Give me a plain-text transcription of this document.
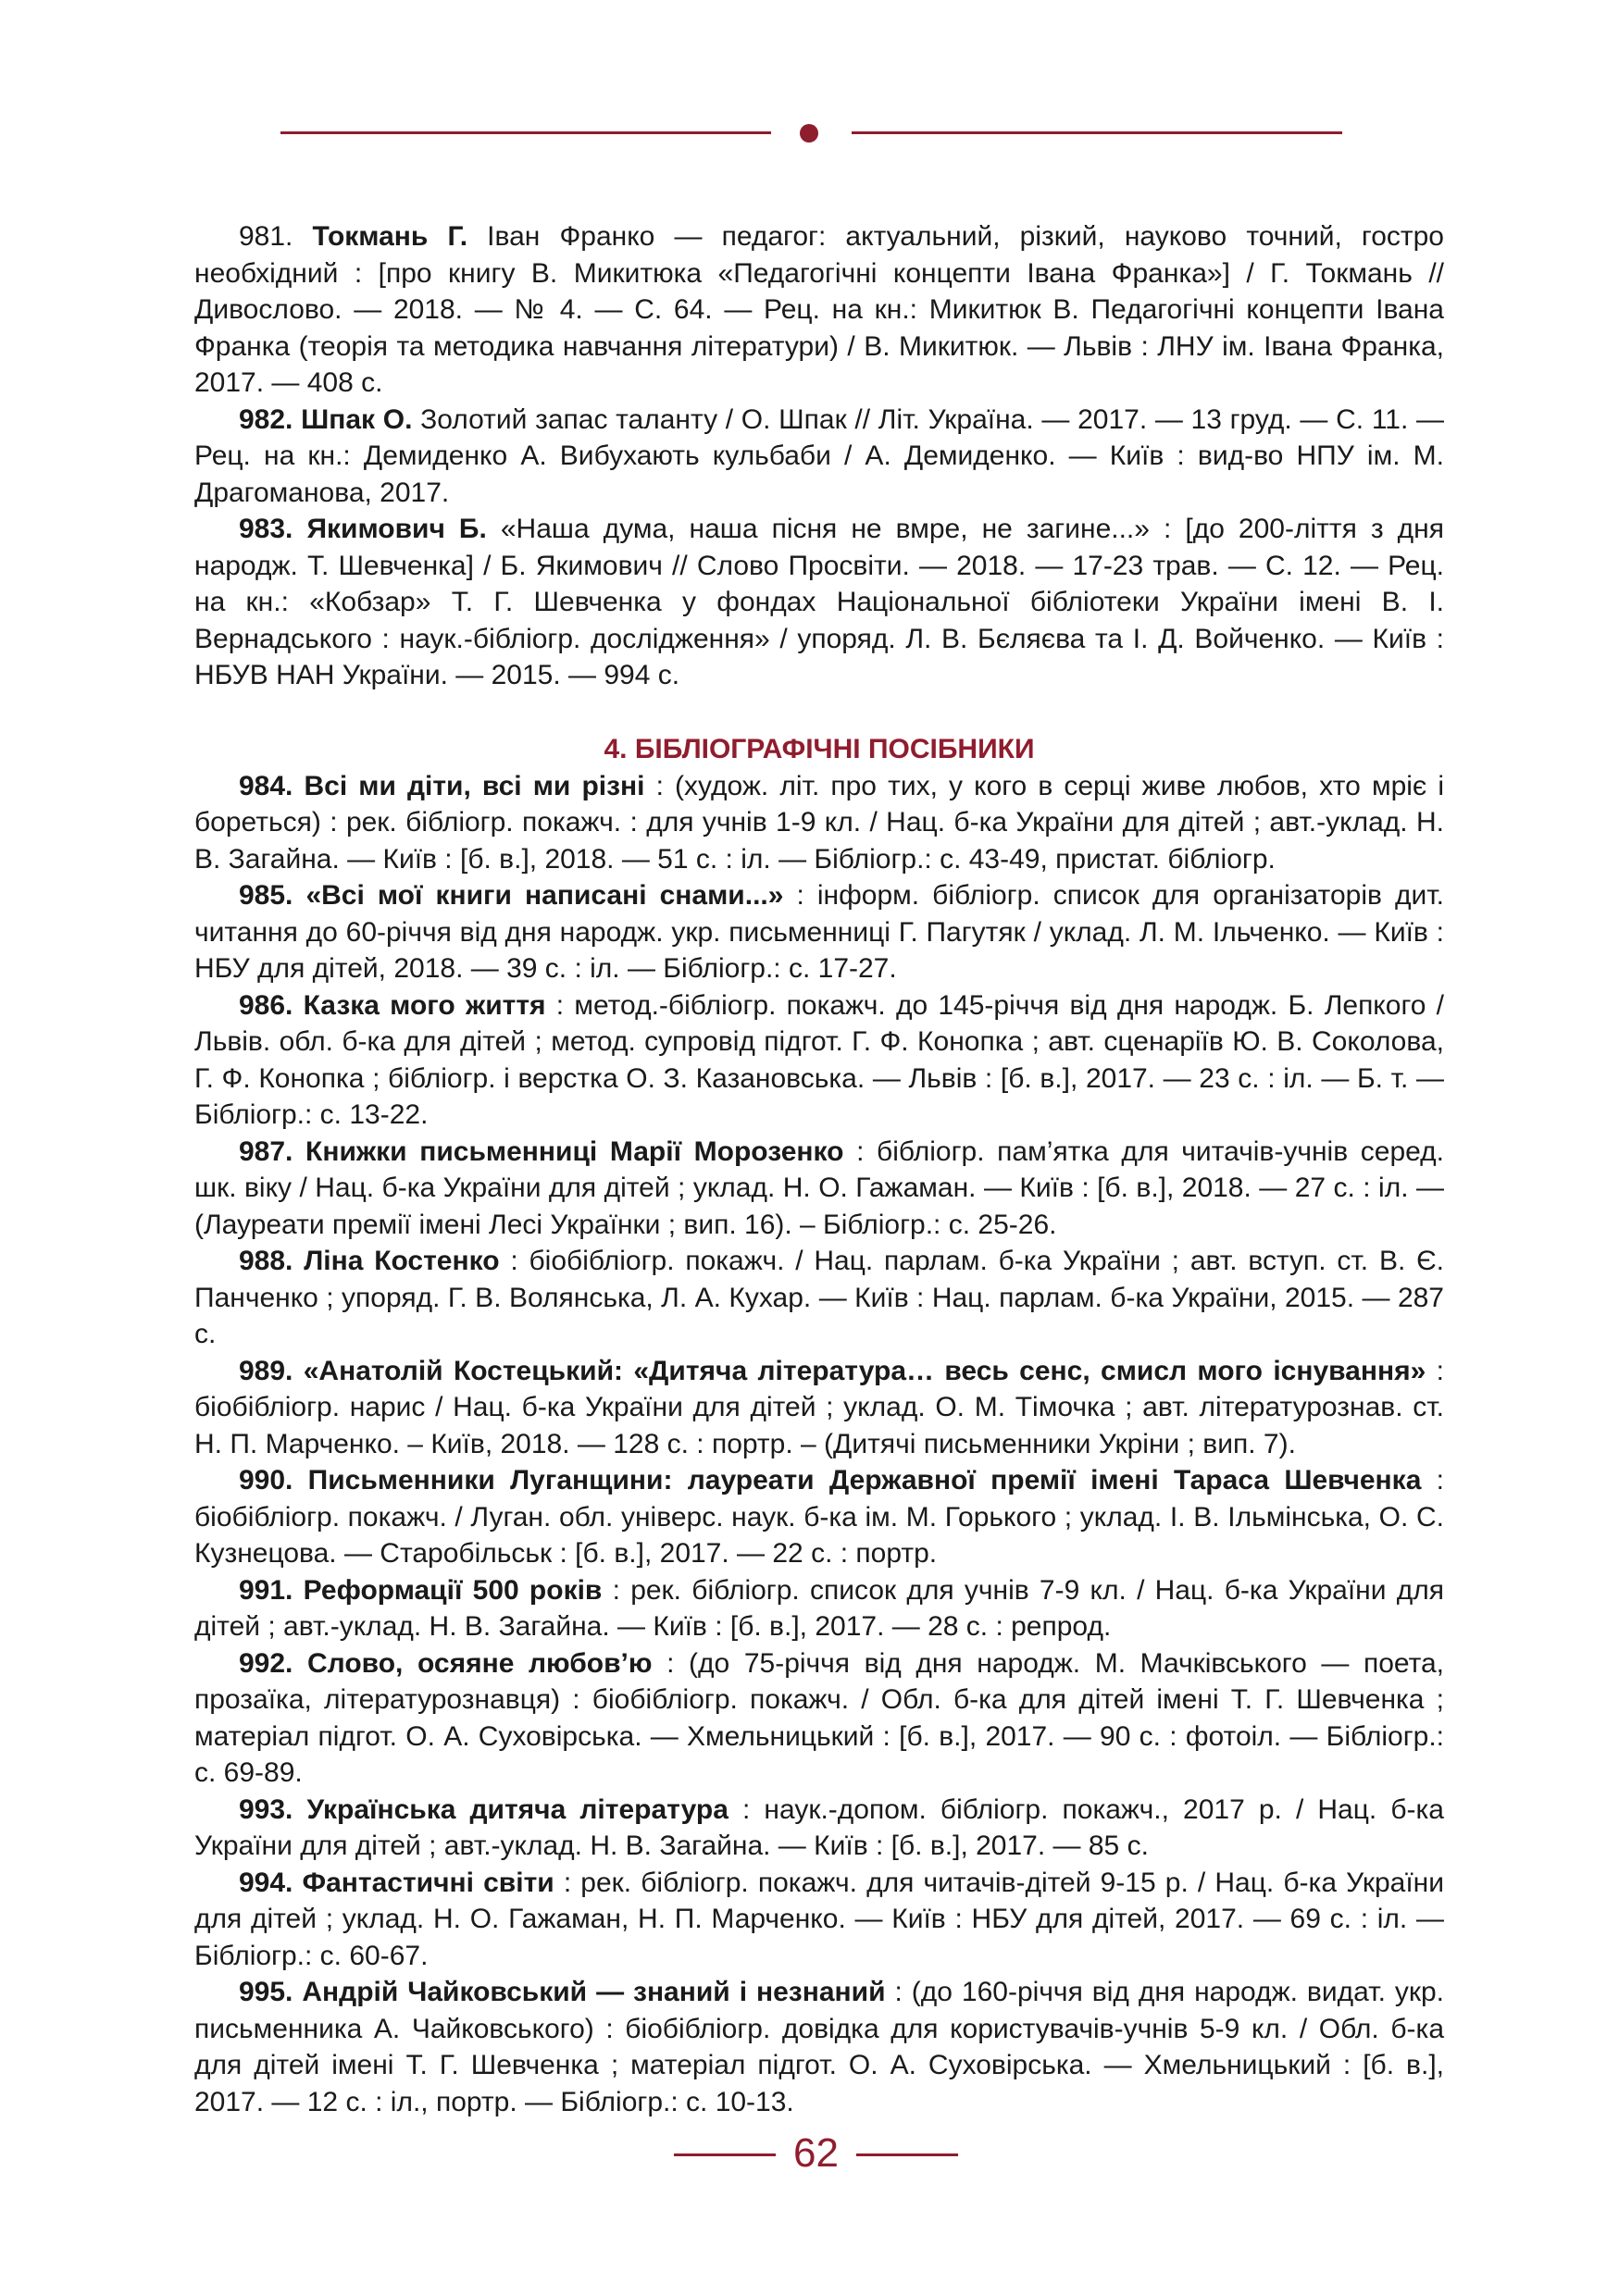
981. Токмань Г. Іван Франко — педагог: актуальний, різкий, науково точний, гостро необхідний : [про книгу В. Микитюка «Педагогічні концепти Івана Франка»] / Г. Токмань // Дивослово. — 2018. — № 4. — С. 64. — Рец. на кн.: Микитюк В. Педагогічні концепти Івана Франка (теорія та методика навчання літератури) / В. Микитюк. — Львів : ЛНУ ім. Івана Франка, 2017. — 408 с.

982. Шпак О. Золотий запас таланту / О. Шпак // Літ. Україна. — 2017. — 13 груд. — С. 11. — Рец. на кн.: Демиденко А. Вибухають кульбаби / А. Демиденко. — Київ : вид-во НПУ ім. М. Драгоманова, 2017.

983. Якимович Б. «Наша дума, наша пісня не вмре, не загине...» : [до 200-ліття з дня народж. Т. Шевченка] / Б. Якимович // Слово Просвіти. — 2018. — 17-23 трав. — С. 12. — Рец. на кн.: «Кобзар» Т. Г. Шевченка у фондах Національної бібліотеки України імені В. І. Вернадського : наук.-бібліогр. дослідження» / упоряд. Л. В. Бєляєва та І. Д. Войченко. — Київ : НБУВ НАН України. — 2015. — 994 с.

4. БІБЛІОГРАФІЧНІ ПОСІБНИКИ

984. Всі ми діти, всі ми різні : (худож. літ. про тих, у кого в серці живе любов, хто мріє і бореться) : рек. бібліогр. покажч. : для учнів 1-9 кл. / Нац. б-ка України для дітей ; авт.-уклад. Н. В. Загайна. — Київ : [б. в.], 2018. — 51 с. : іл. — Бібліогр.: с. 43-49, пристат. бібліогр.

985. «Всі мої книги написані снами...» : інформ. бібліогр. список для організаторів дит. читання до 60-річчя від дня народж. укр. письменниці Г. Пагутяк / уклад. Л. М. Ільченко. — Київ : НБУ для дітей, 2018. — 39 с. : іл. — Бібліогр.: с. 17-27.

986. Казка мого життя : метод.-бібліогр. покажч. до 145-річчя від дня народж. Б. Лепкого / Львів. обл. б-ка для дітей ; метод. супровід підгот. Г. Ф. Конопка ; авт. сценаріїв Ю. В. Соколова, Г. Ф. Конопка ; бібліогр. і верстка О. З. Казановська. — Львів : [б. в.], 2017. — 23 с. : іл. — Б. т. — Бібліогр.: с. 13-22.

987. Книжки письменниці Марії Морозенко : бібліогр. пам’ятка для читачів-учнів серед. шк. віку / Нац. б-ка України для дітей ; уклад. Н. О. Гажаман. — Київ : [б. в.], 2018. — 27 с. : іл. — (Лауреати премії імені Лесі Українки ; вип. 16). – Бібліогр.: с. 25-26.

988. Ліна Костенко : біобібліогр. покажч. / Нац. парлам. б-ка України ; авт. вступ. ст. В. Є. Панченко ; упоряд. Г. В. Волянська, Л. А. Кухар. — Київ : Нац. парлам. б-ка України, 2015. — 287 с.

989. «Анатолій Костецький: «Дитяча література… весь сенс, смисл мого існування» : біобібліогр. нарис / Нац. б-ка України для дітей ; уклад. О. М. Тімочка ; авт. літературознав. ст. Н. П. Марченко. – Київ, 2018. — 128 с. : портр. – (Дитячі письменники Укріни ; вип. 7).

990. Письменники Луганщини: лауреати Державної премії імені Тараса Шевченка : біобібліогр. покажч. / Луган. обл. універс. наук. б-ка ім. М. Горького ; уклад. І. В. Ільмінська, О. С. Кузнецова. — Старобільськ : [б. в.], 2017. — 22 с. : портр.

991. Реформації 500 років : рек. бібліогр. список для учнів 7-9 кл. / Нац. б-ка України для дітей ; авт.-уклад. Н. В. Загайна. — Київ : [б. в.], 2017. — 28 с. : репрод.

992. Слово, осяяне любов’ю : (до 75-річчя від дня народж. М. Мачківського — поета, прозаїка, літературознавця) : біобібліогр. покажч. / Обл. б-ка для дітей імені Т. Г. Шевченка ; матеріал підгот. О. А. Суховірська. — Хмельницький : [б. в.], 2017. — 90 с. : фотоіл. — Бібліогр.: с. 69-89.

993. Українська дитяча література : наук.-допом. бібліогр. покажч., 2017 р. / Нац. б-ка України для дітей ; авт.-уклад. Н. В. Загайна. — Київ : [б. в.], 2017. — 85 с.

994. Фантастичні світи : рек. бібліогр. покажч. для читачів-дітей 9-15 р. / Нац. б-ка України для дітей ; уклад. Н. О. Гажаман, Н. П. Марченко. — Київ : НБУ для дітей, 2017. — 69 с. : іл. — Бібліогр.: с. 60-67.

995. Андрій Чайковський — знаний і незнаний : (до 160-річчя від дня народж. видат. укр. письменника А. Чайковського) : біобібліогр. довідка для користувачів-учнів 5-9 кл. / Обл. б-ка для дітей імені Т. Г. Шевченка ; матеріал підгот. О. А. Суховірська. — Хмельницький : [б. в.], 2017. — 12 с. : іл., портр. — Бібліогр.: с. 10-13.

62
